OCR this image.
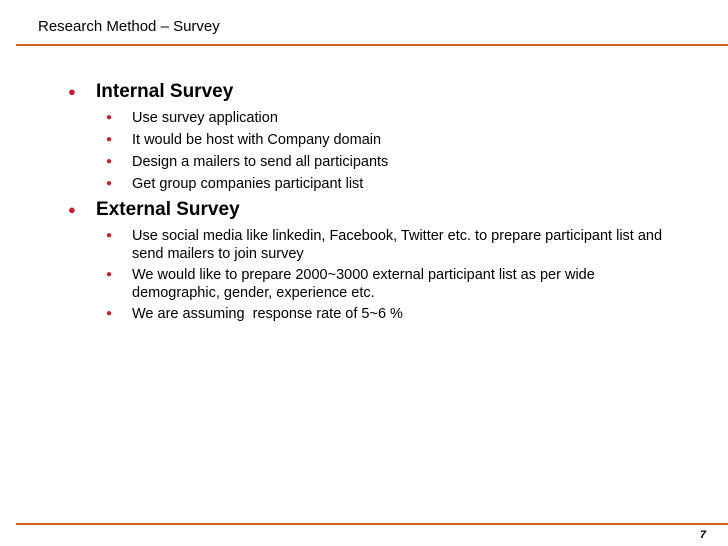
Research Method – Survey
●	Internal Survey
●	Use survey application
●	It would be host with Company domain
●	Design a mailers to send all participants
●	Get group companies participant list
●	External Survey
●	Use social media like linkedin, Facebook, Twitter etc. to prepare participant list and send mailers to join survey
●	We would like to prepare 2000~3000 external participant list as per wide demographic, gender, experience etc.
●	We are assuming  response rate of 5~6 %
7
